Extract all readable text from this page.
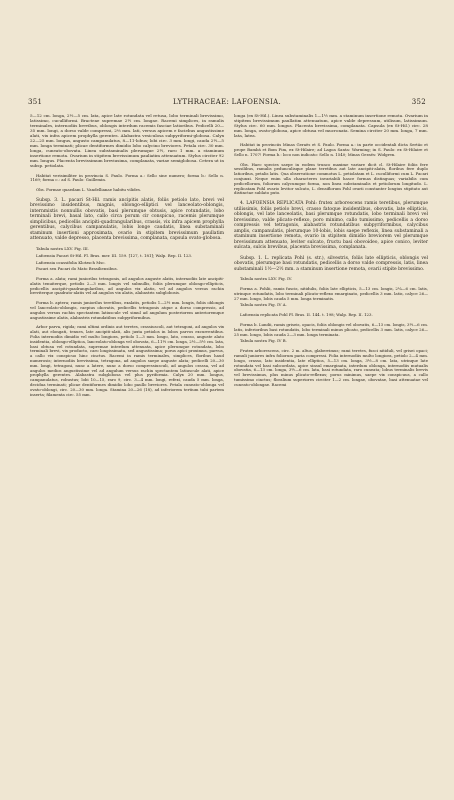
351	LYTHRACEAE: LAFOENSIA.	352

5—12 cm. longa, 2½—5 cm. lata, apice late rotundata vel retusa, lobo terminali brevissimo, latissimo, cuculliformi. Bracteae supremae 2½ cm. longae. Racemi simplices, in ramulis terminales, internodiis brevibus, oblongis interdum racemis fasciae latioribus. Pedicelli 20—35 mm. longi, a dorso valde compressi, 2⅔ mm. lati, versus apicem e faciebus angustissime alati, vix infra apicem prophylla gerentes. Alabastra vesiculosa subpyriformi-globosa. Calyx 22—25 mm. longus, angusto campanulatus, 8—11-lobus; lobi circ. 3 mm. longi, cauda 2½—5 mm. longa terminati; plicae dentiformes dimidio lobo calycino breviores. Petala circ. 30 mm. longa, cuneato-obovata. Linea substaminalis plerumque 2½, raro 1 mm. a staminum insertione remota. Ovarium in stipitem brevissimum pauliatim attenuatum. Stylus circiter 92 mm. longus. Placenta brevissimum breviusima, complanata, variae semiglobosa. Cetera ut in subsp. petiolata.

Habitat verisimiliter in provincia S. Paulo. Forma a.: Sello sine numero; forma b.: Sello n. 1169; forma c.: ad S. Paulo: Guillemin.

Obs. Formae quaedam L. Vandellianae habitu vilides.

Subsp. 3. L. pacari St-Hil. ramis ancipitis alatis, foliis petiolo lato, brevi vel brevissimo insidentibus, magnis, oblongo-elliptici vel lanceolato-oblongis, internmixtis nonnullis obovatis, basi plerumque obtusis, apice rotundatis, lobo terminali brevi, basal lato, callo circa porum cir conspicuo, racemis plerumque simplicibus, pedicellis ancipiti-quadrangularibus, crassis, vix infra apicem prophylla gerentibus, calycibus campanulatis, lobis longe caudatis, linea substaminali staminum insertioni approximata, ovario in stipitem brevissimum paullatim attenuato, valde depresso, placenta brevissima, complanata, capsula ovato-globosa.

Tabula nostra LXV. Fig. III.

Lafoensia Pacari St-Hil. Fl. Bras. mer. III. 159. [127, t. 181]; Walp. Rep. II. 123.

Lafoensia ocassifolia Klotzsch Msc.

Pacari seu Pacari do Mato Brasiliensibus.

Forma a. alata; rami juniorilus tetragonis, ad angulos anguste alatis, internodiis late ancipiti-alatis tenuiterque, petiolis 2—3 mm. longis vel subnullis, foliis plerumque oblongo-ellipticis, pedicellis ancipiti-quadrangularibus, ad angulos vix alatis, vel ad angulos versus rachin breviterque quadrato-alatis vel ad angulos vix alatis, alabastris subglobosis.

Forma b. aptera; ramis juniorilus teretibus, exalatis, petiolis 1—2½ mm. longis, foliis oblongis vel lanceolato-oblongis, raepius obovatis, pedicellis tetragonis atque a dorso compressis, ad angulos versus rachin spectantem latiuscule vel simul ad angulum posteriorem anterioremque angustissime alatis, alabastris rotundatibus subpyriformibus.

Arbor parva, rigida; rami ultimi ordinis aut teretes, crassiuscoli, aut tetragoni, ad angulos vix alati, aut elongati, tenues, late ancipiti-alati, alis juxta petiolos in lobos parvos excurrentibus. Folia internodiis dimidio vel multo longiora, petiolo 1—3 mm. longo, lato, crasso, anguste alato insidentia, oblongo-elliptica, lanceolato-oblonga vel obovata, 6—11½ cm. longa, 2½—5½ cm. lata, basi obtusa vel rotundata, supremae interdum attenuata, apice plerumque rotundata, lobo terminali brevi, vix producto, caro longissimata, sed angustissima; porus apici proximus, parvus, a callo vix conspicuo hinc cinctus. Racemi in ramis terminales, simplices, floribus haud numerosis; internodiis brevissima, tetragona, ad angulos saepe anguste alata; pedicelli 20—30 mm. longi, tetragoni, nunc a latere, nunc a dorso compressiusculi, ad angulos crassa, vel ad angulos medios angustissime vel ad angulum versus rachin spectantem latiuscule alati, apice prophylla gerentes. Alabastra subglobosa vel plus pyriformia. Calyx 20 mm. longus, campanulatus, robustus; lobi 10—15, raro 9, circ. 3—4 mm. longi, refexi, cauda 5 mm. longa, decidua terminati; plicae dentiformes dimidio lobo paullo breviores. Petala cuneato-oblonga vel ovato-oblongi, circ. 20—30 mm. longa. Stamina 20—26 (18), ad inferiorem tertium tubi partem inserta; filamenta circ. 55 mm.

longa (ex St-Hil.). Linea substaminalis 1—1½ mm. a staminum insertione remota. Ovarium in stipitem brevissimum paullatim attenuatum, apice valde depressum, utilisum, latissimum. Stylus circ. 60 mm. longus. Placenta brevissima, complanata. Capsula (ex St-Hil.) circ. 28 mm. longa, ovato-globosa, apice obtusa vel mucronata. Semina circiter 20 mm. longa, 7 mm. lata, latea.

Habitat in provinciis Minas Geraës et S. Paulo. Forma a.: in parte occidentali dicta Sertão et prope Bambá et Bom Fim, ex St-Hilaire; ad Lagoa Santa: Warming; in S. Paulo: ex St-Hilaire et Sello n. 1707! Forma b.: loco non indicato: Sello n. 1540; Minas Geraës: Widgren.

Obs. Haec species saepe in eodem trunco maxime variare dicit cl. St-Hilaire foliis fere sessilibus, ramulis pedunculisque plane teretibus aut late ancipiti-alatis, floribus fere duplo latioribus, petalis latis. Qua observatione commotus L. petiolatam et L. cuculliformi cum L. Pacari conjunxi. Neque enim ulla characteres invariabili hasce formas distinguas; variabilis cum pedicellorum, foliorum calycumque forma, non linea substaminalis et petiolorum longitudo. L. replicatam Pohl ovario levitor sulcato, L. densiflorum Pohl ovarii constanter longius stipitato aut distinctae sublato puto.

4. LAFOENSIA REPLICATA Pohl: frutex arborescens ramis teretibus, plerumque utilissimis, foliis petiolo brevi, crasso fatoque insidentibus, obovatis, late ellipticis, oblongis, vel late lanceolatis, basi plerumque rotundatis, lobo terminali brevi vel brevissimo, valde plicato-reflexo, poro minimo, callo tumissimo, pedicellis a dorso compressis vel tetragonis, alabastris rotundatibus subpyriformibus, calycibus amplis, campanulatis, plerumque 10-lobis, lobis saepe reflexis, linea substaminali a staminum insertione remota, ovario in stipitem dimidio breviorem vel plerumque brevissimum attenuato, leviter sulcato, fructu basi obovoideo, apice conico, leviter sulcata, sulcis brevibus, placenta brevissima, complanata.

Subsp. 1. L. replicata Pohl (s. str.), silvestris, foliis late ellipticis, oblongis vel obovatis, plerumque basi rotundatis, pedicellis a dorso valde compressis, latis, linea substaminali 1½—2½ mm. a staminum insertione remota, ovarii stipite brevissimo.

Tabula nostra LXV. Fig. IV.

Forma a. Pohlii, ramis fuscis, nitidulis, foliis late ellipticis, 5—13 cm. longis, 2¼—6 cm. latis, utrinque rotundatis, lobo terminali plicato-reflexo emarginato, pedicellis 3 mm. latis, calyce 26—27 mm. longo, lobis cauda 5 mm. longa terminatis.

Tabula nostra Fig. IV A.

Lafoensia replicata Pohl Pl. Bras. II. 144. t. 198; Walp. Rep. II. 123.

Forma b. Lundii, ramis griseis, opacis, foliis oblongis vel obovatis, 6—13 cm. longis, 3½—6 cm. latis, inferioribus basi rotundatis, lobo terminali minus plicato, pedicellis 3 mm. latis, calyce 26—25 mm. longo, lobis cauda 2—3 mm. longa terminata.

Tabula nostra Fig. IV B.

Frutex arborescens, circ. 2 m. altus, glaberrimus; rami teretes, fusci nitiduli, vel grisei opaci; ramuli juniores infra foliorum paria compressi. Folia internodiis multo longiora, petiolo 2—4 mm. longo, crasso, lato insidentia, late elliptica, 5—13 cm. longa, 3½—8 cm. lata, utrinque late rotundata vel basi subcordata, apice sinsul emarginata, interdum oblonga, internodiis mutualis obovatia, 6—13 cm. longa, 3½—6 cm. lata, basi rotundata, raro cuneata; lobus terminalis brevis vel brevissimus, plus minus plicato-reflexus; porus minimus, saepe vix conspicuus, a callo tumissimo cinctus; floralium superiores circiter 1—2 cm. longae, obovatae, basi attenuatae vel cuneato-oblongae. Racemi
